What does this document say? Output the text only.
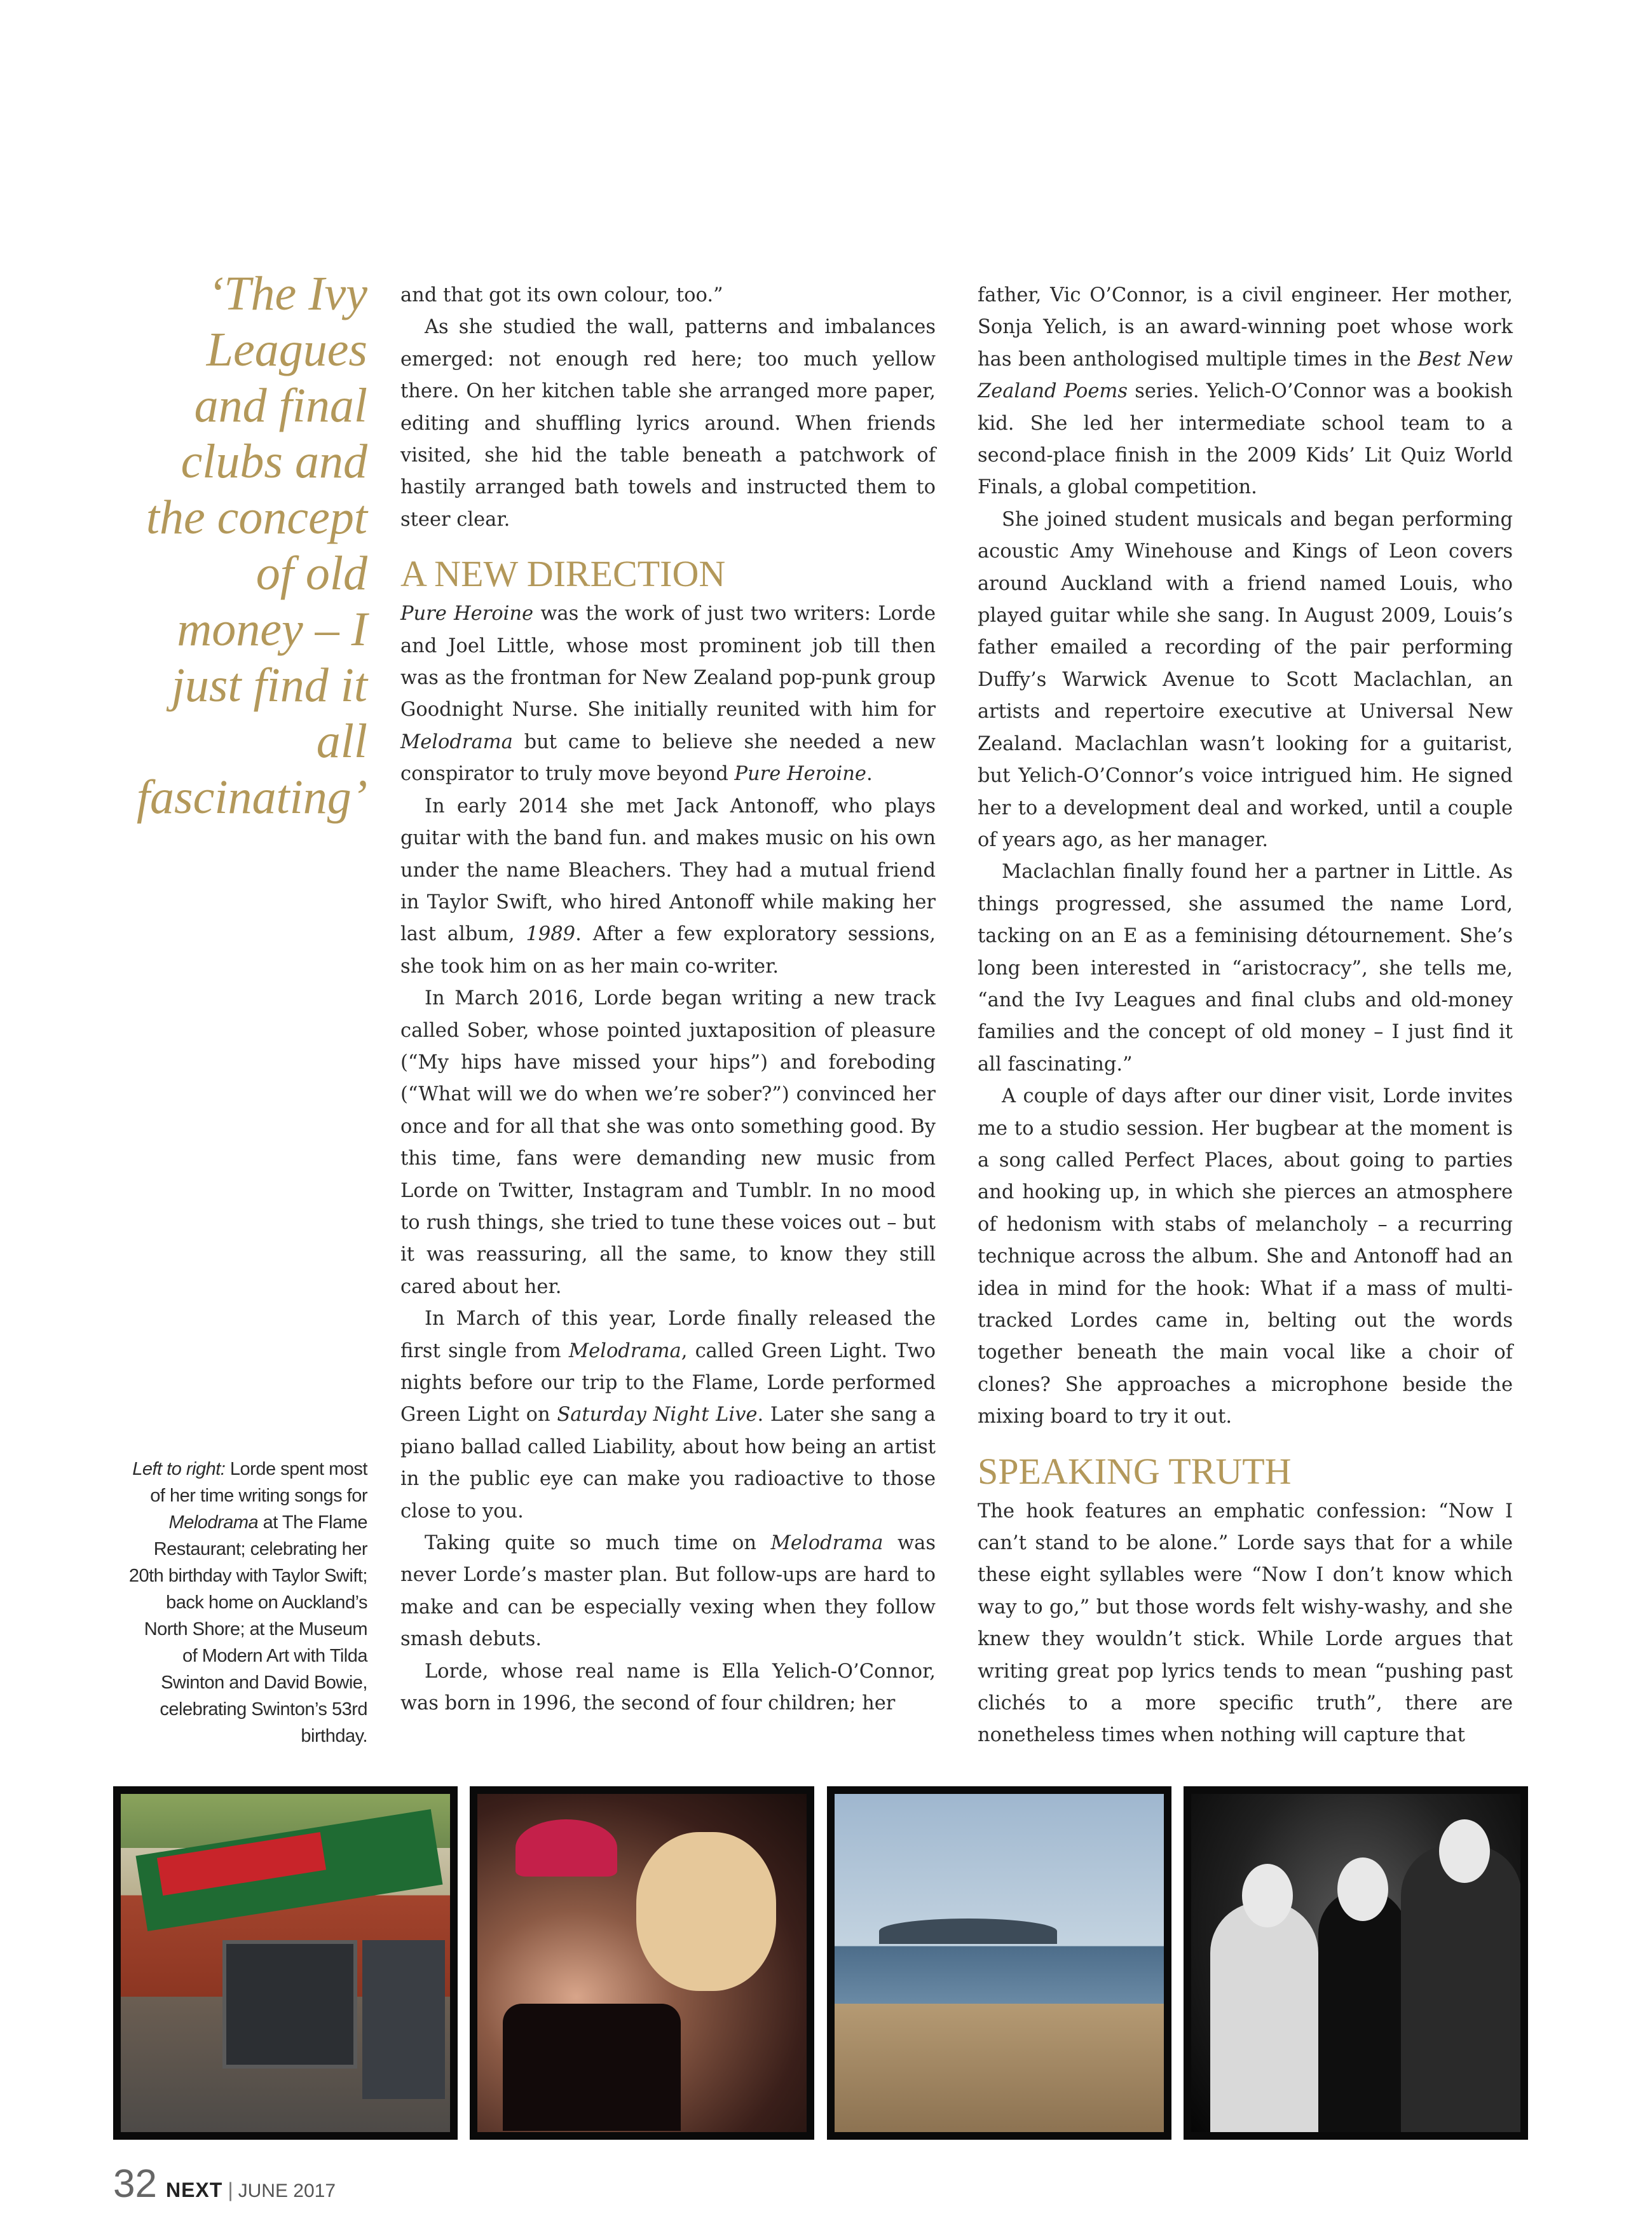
‘The Ivy Leagues and final clubs and the concept of old money – I just find it all fascinating’
Left to right: Lorde spent most of her time writing songs for Melodrama at The Flame Restaurant; celebrating her 20th birthday with Taylor Swift; back home on Auckland’s North Shore; at the Museum of Modern Art with Tilda Swinton and David Bowie, celebrating Swinton’s 53rd birthday.

and that got its own colour, too.”

As she studied the wall, patterns and imbalances emerged: not enough red here; too much yellow there. On her kitchen table she arranged more paper, editing and shuffling lyrics around. When friends visited, she hid the table beneath a patchwork of hastily arranged bath towels and instructed them to steer clear.

A NEW DIRECTION

Pure Heroine was the work of just two writers: Lorde and Joel Little, whose most prominent job till then was as the frontman for New Zealand pop-punk group Goodnight Nurse. She initially reunited with him for Melodrama but came to believe she needed a new conspirator to truly move beyond Pure Heroine.

In early 2014 she met Jack Antonoff, who plays guitar with the band fun. and makes music on his own under the name Bleachers. They had a mutual friend in Taylor Swift, who hired Antonoff while making her last album, 1989. After a few exploratory sessions, she took him on as her main co-writer.

In March 2016, Lorde began writing a new track called Sober, whose pointed juxtaposition of pleasure (“My hips have missed your hips”) and foreboding (“What will we do when we’re sober?”) convinced her once and for all that she was onto something good. By this time, fans were demanding new music from Lorde on Twitter, Instagram and Tumblr. In no mood to rush things, she tried to tune these voices out – but it was reassuring, all the same, to know they still cared about her.

In March of this year, Lorde finally released the first single from Melodrama, called Green Light. Two nights before our trip to the Flame, Lorde performed Green Light on Saturday Night Live. Later she sang a piano ballad called Liability, about how being an artist in the public eye can make you radioactive to those close to you.

Taking quite so much time on Melodrama was never Lorde’s master plan. But follow-ups are hard to make and can be especially vexing when they follow smash debuts.

Lorde, whose real name is Ella Yelich-O’Connor, was born in 1996, the second of four children; her

father, Vic O’Connor, is a civil engineer. Her mother, Sonja Yelich, is an award-winning poet whose work has been anthologised multiple times in the Best New Zealand Poems series. Yelich-O’Connor was a bookish kid. She led her intermediate school team to a second-place finish in the 2009 Kids’ Lit Quiz World Finals, a global competition.

She joined student musicals and began performing acoustic Amy Winehouse and Kings of Leon covers around Auckland with a friend named Louis, who played guitar while she sang. In August 2009, Louis’s father emailed a recording of the pair performing Duffy’s Warwick Avenue to Scott Maclachlan, an artists and repertoire executive at Universal New Zealand. Maclachlan wasn’t looking for a guitarist, but Yelich-O’Connor’s voice intrigued him. He signed her to a development deal and worked, until a couple of years ago, as her manager.

Maclachlan finally found her a partner in Little. As things progressed, she assumed the name Lord, tacking on an E as a feminising détournement. She’s long been interested in “aristocracy”, she tells me, “and the Ivy Leagues and final clubs and old-money families and the concept of old money – I just find it all fascinating.”

A couple of days after our diner visit, Lorde invites me to a studio session. Her bugbear at the moment is a song called Perfect Places, about going to parties and hooking up, in which she pierces an atmosphere of hedonism with stabs of melancholy – a recurring technique across the album. She and Antonoff had an idea in mind for the hook: What if a mass of multi-tracked Lordes came in, belting out the words together beneath the main vocal like a choir of clones? She approaches a microphone beside the mixing board to try it out.

SPEAKING TRUTH

The hook features an emphatic confession: “Now I can’t stand to be alone.” Lorde says that for a while these eight syllables were “Now I don’t know which way to go,” but those words felt wishy-washy, and she knew they wouldn’t stick. While Lorde argues that writing great pop lyrics tends to mean “pushing past clichés to a more specific truth”, there are nonetheless times when nothing will capture that

32 NEXT | JUNE 2017
